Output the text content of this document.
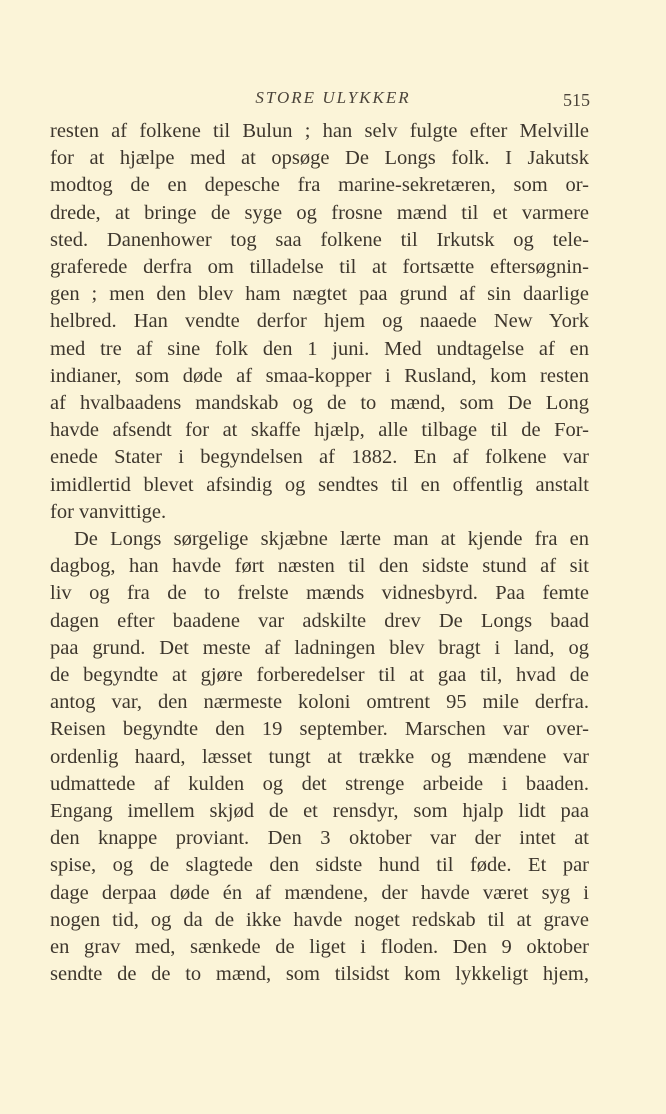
STORE ULYKKER	515
resten af folkene til Bulun ; han selv fulgte efter Melville
for at hjælpe med at opsøge De Longs folk. I Jakutsk
modtog de en depesche fra marine-sekretæren, som or-
drede, at bringe de syge og frosne mænd til et varmere
sted. Danenhower tog saa folkene til Irkutsk og tele-
graferede derfra om tilladelse til at fortsætte eftersøgnin-
gen ; men den blev ham nægtet paa grund af sin daarlige
helbred. Han vendte derfor hjem og naaede New York
med tre af sine folk den 1 juni. Med undtagelse af en
indianer, som døde af smaa-kopper i Rusland, kom resten
af hvalbaadens mandskab og de to mænd, som De Long
havde afsendt for at skaffe hjælp, alle tilbage til de For-
enede Stater i begyndelsen af 1882. En af folkene var
imidlertid blevet afsindig og sendtes til en offentlig anstalt
for vanvittige.
De Longs sørgelige skjæbne lærte man at kjende fra en
dagbog, han havde ført næsten til den sidste stund af sit
liv og fra de to frelste mænds vidnesbyrd. Paa femte
dagen efter baadene var adskilte drev De Longs baad
paa grund. Det meste af ladningen blev bragt i land, og
de begyndte at gjøre forberedelser til at gaa til, hvad de
antog var, den nærmeste koloni omtrent 95 mile derfra.
Reisen begyndte den 19 september. Marschen var over-
ordenlig haard, læsset tungt at trække og mændene var
udmattede af kulden og det strenge arbeide i baaden.
Engang imellem skjød de et rensdyr, som hjalp lidt paa
den knappe proviant. Den 3 oktober var der intet at
spise, og de slagtede den sidste hund til føde. Et par
dage derpaa døde én af mændene, der havde været syg i
nogen tid, og da de ikke havde noget redskab til at grave
en grav med, sænkede de liget i floden. Den 9 oktober
sendte de de to mænd, som tilsidst kom lykkeligt hjem,
